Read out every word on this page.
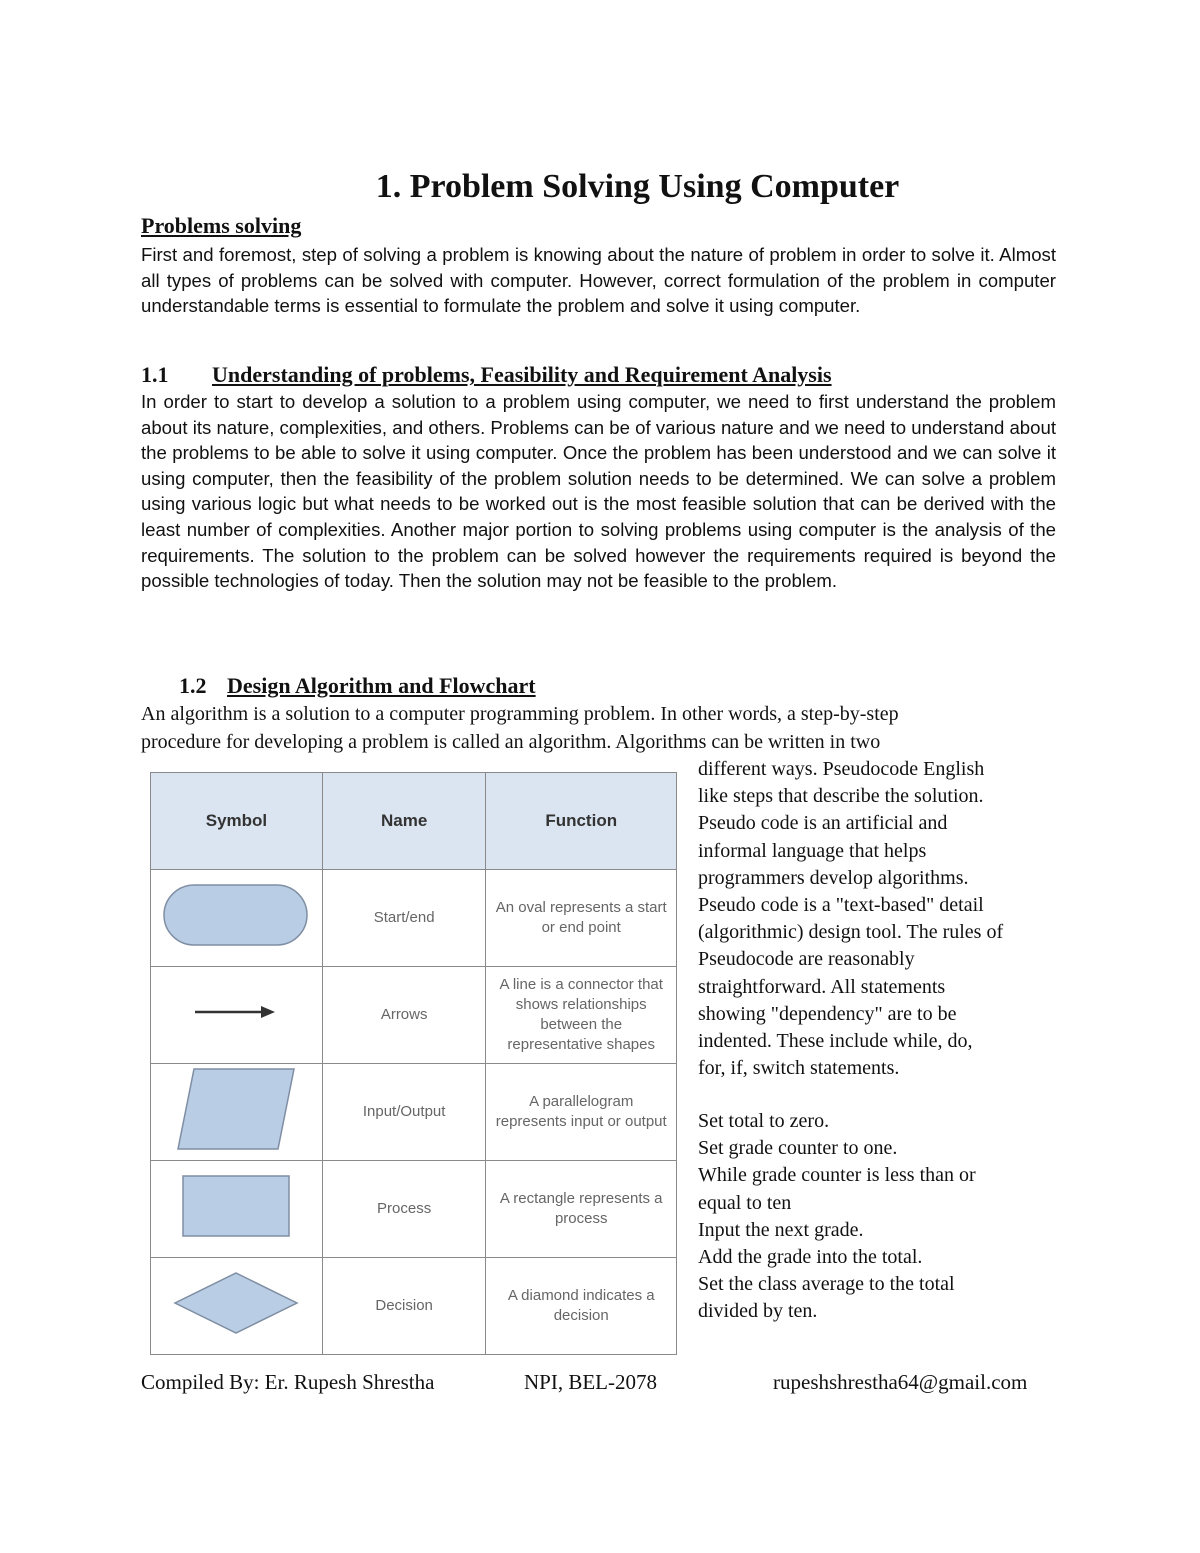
1. Problem Solving Using Computer
Problems solving
First and foremost, step of solving a problem is knowing about the nature of problem in order to solve it. Almost all types of problems can be solved with computer. However, correct formulation of the problem in computer understandable terms is essential to formulate the problem and solve it using computer.
1.1 Understanding of problems, Feasibility and Requirement Analysis
In order to start to develop a solution to a problem using computer, we need to first understand the problem about its nature, complexities, and others. Problems can be of various nature and we need to understand about the problems to be able to solve it using computer. Once the problem has been understood and we can solve it using computer, then the feasibility of the problem solution needs to be determined. We can solve a problem using various logic but what needs to be worked out is the most feasible solution that can be derived with the least number of complexities. Another major portion to solving problems using computer is the analysis of the requirements. The solution to the problem can be solved however the requirements required is beyond the possible technologies of today. Then the solution may not be feasible to the problem.
1.2 Design Algorithm and Flowchart
An algorithm is a solution to a computer programming problem. In other words, a step-by-step
procedure for developing a problem is called an algorithm. Algorithms can be written in two
Symbol	Name	Function
	Start/end	An oval represents a start or end point
	Arrows	A line is a connector that shows relationships between the representative shapes
	Input/Output	A parallelogram represents input or output
	Process	A rectangle represents a process
	Decision	A diamond indicates a decision
different ways. Pseudocode English
like steps that describe the solution.
Pseudo code is an artificial and
informal language that helps
programmers develop algorithms.
Pseudo code is a "text-based" detail
(algorithmic) design tool. The rules of
Pseudocode are reasonably
straightforward. All statements
showing "dependency" are to be
indented. These include while, do,
for, if, switch statements.
Set total to zero.
Set grade counter to one.
While grade counter is less than or
equal to ten
Input the next grade.
Add the grade into the total.
Set the class average to the total
divided by ten.
Compiled By: Er. Rupesh Shrestha	NPI, BEL-2078	rupeshshrestha64@gmail.com
